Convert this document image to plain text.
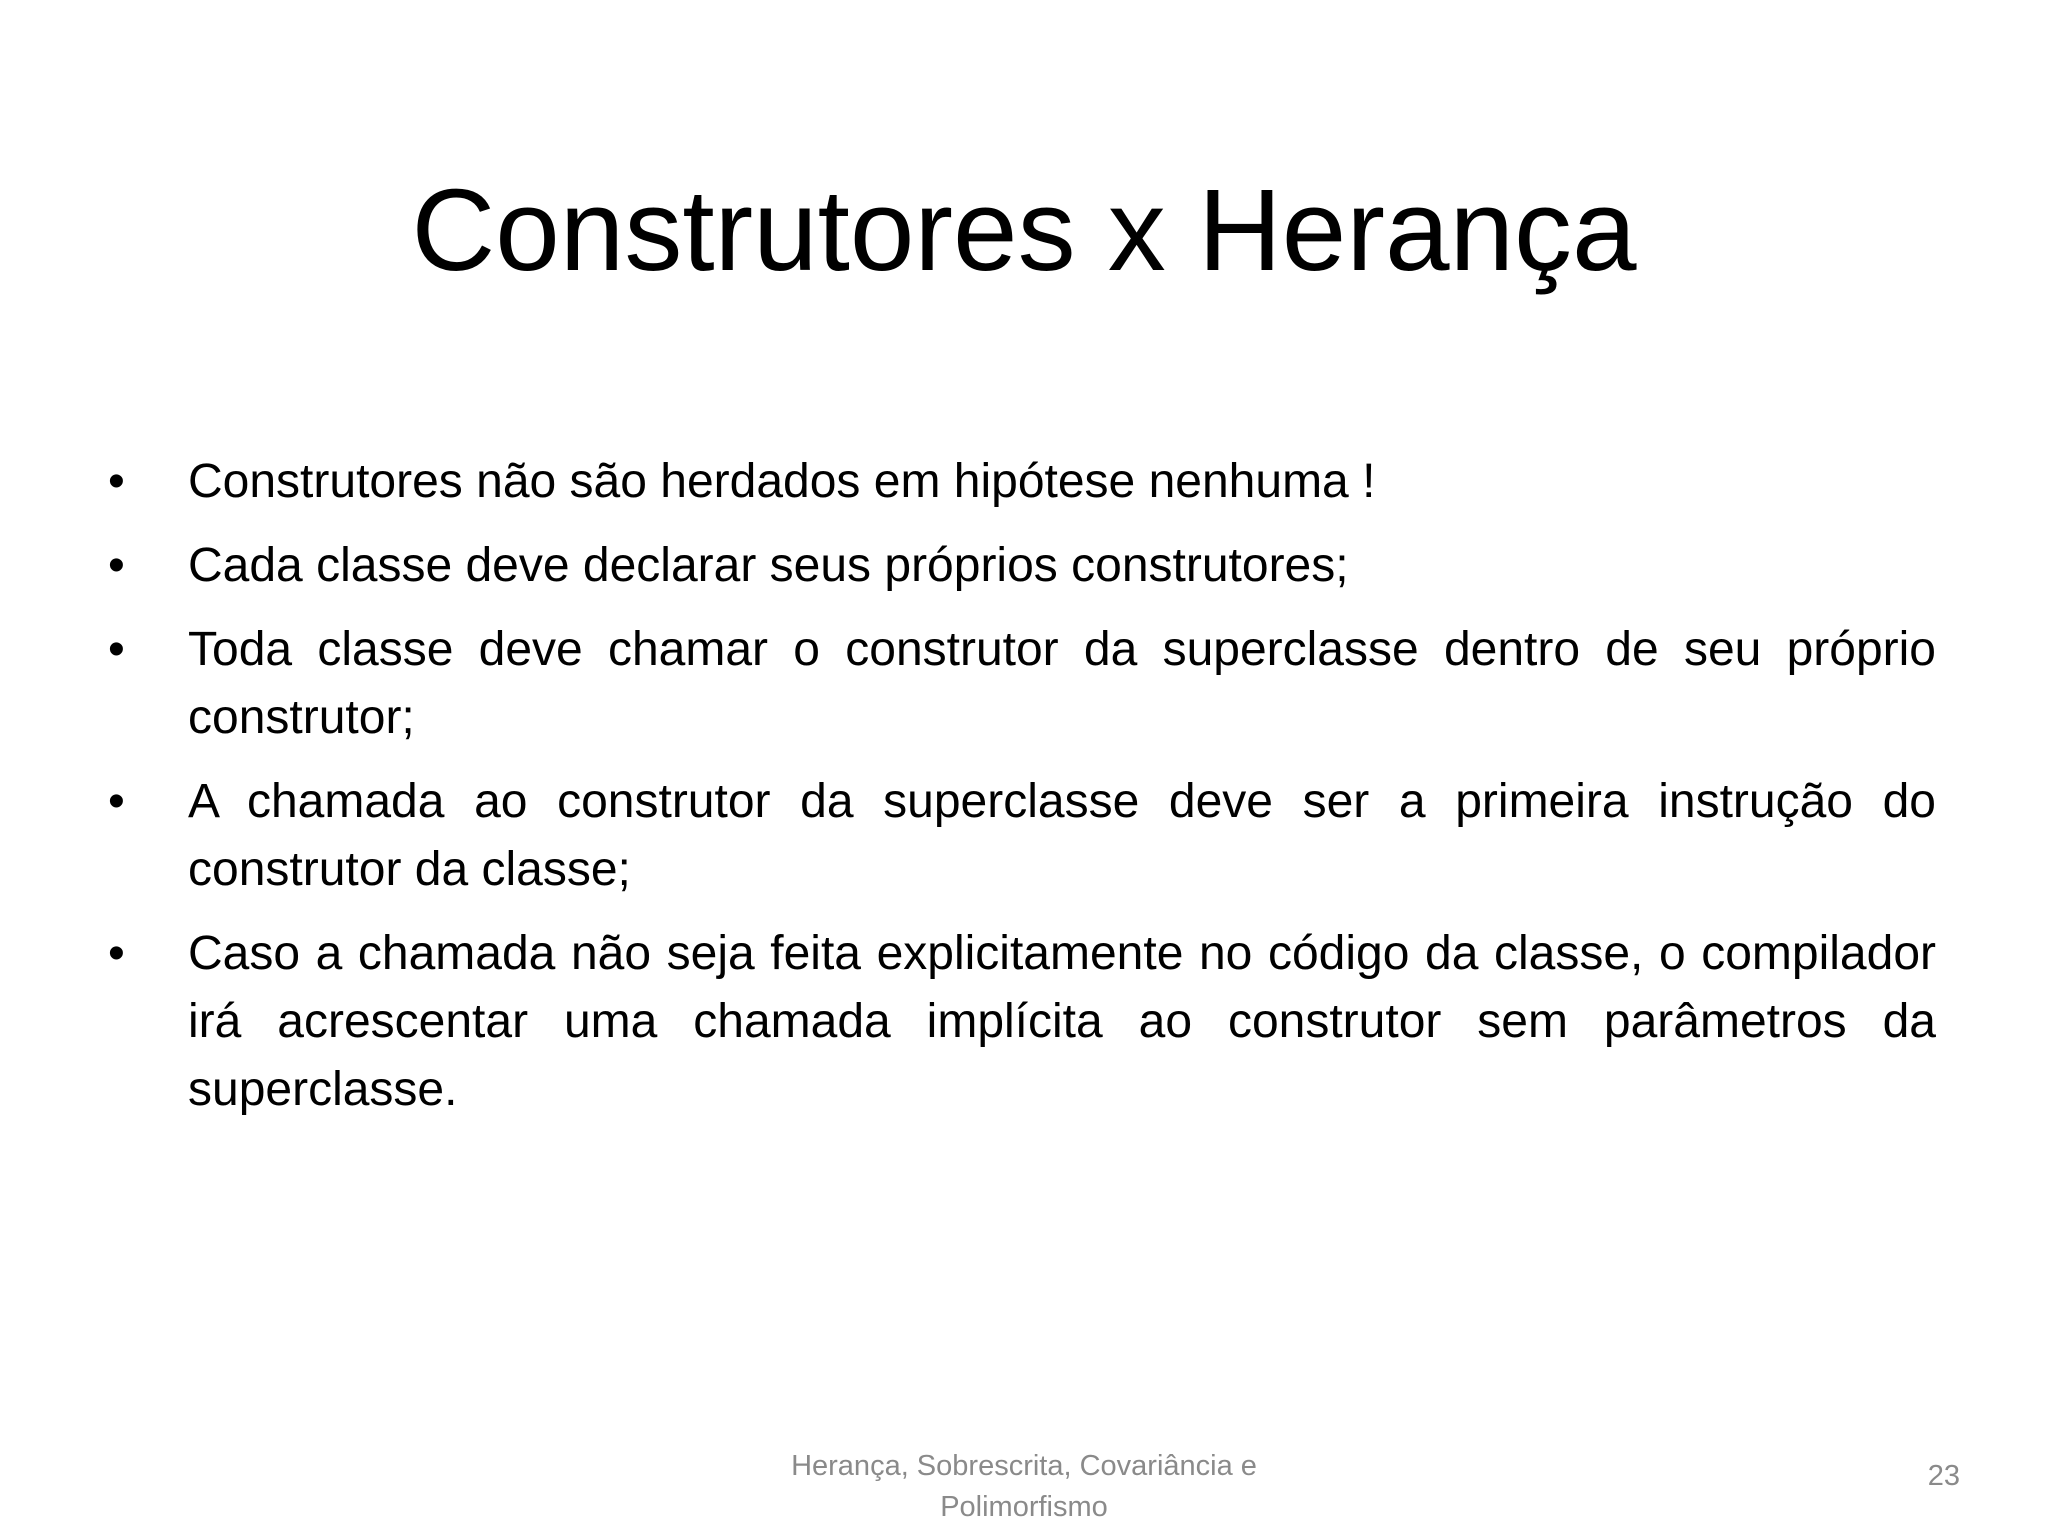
Construtores x Herança
•	Construtores não são herdados em hipótese nenhuma !
•	Cada classe deve declarar seus próprios construtores;
•	Toda classe deve chamar o construtor da superclasse dentro de seu próprio construtor;
•	A chamada ao construtor da superclasse deve ser a primeira instrução do construtor da classe;
•	Caso a chamada não seja feita explicitamente no código da classe, o compilador irá acrescentar uma chamada implícita ao construtor sem parâmetros da superclasse.
Herança, Sobrescrita, Covariância e
Polimorfismo
23
